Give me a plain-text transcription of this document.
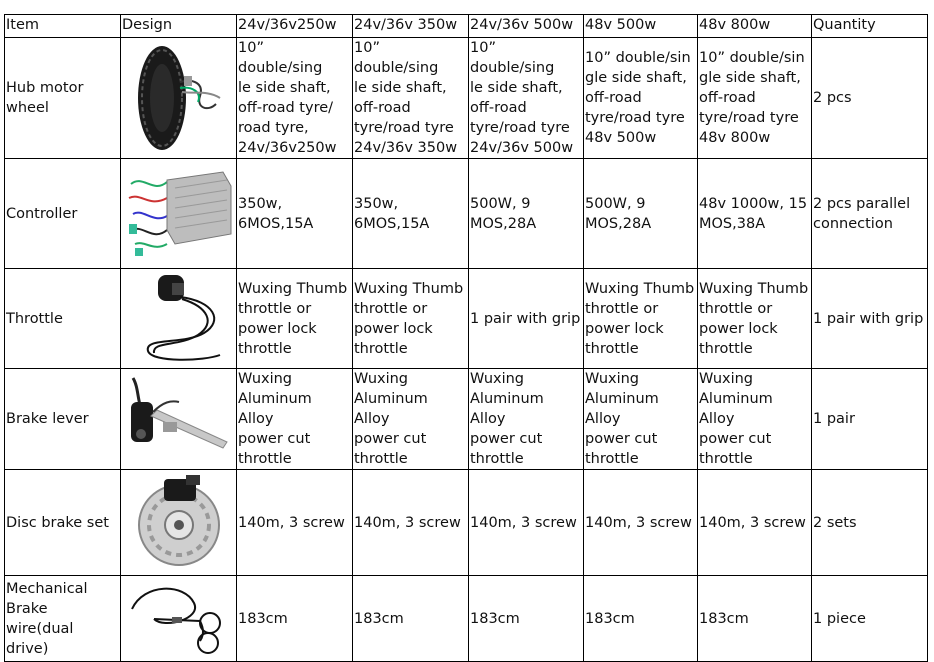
Item	Design	24v/36v250w	24v/36v 350w	24v/36v 500w	48v 500w	48v 800w	Quantity
Hub motor wheel		10” double/sing
le side shaft,
off-road tyre/
road tyre,
24v/36v250w	10” double/sing
le side shaft,
off-road
tyre/road tyre
24v/36v 350w	10” double/sing
le side shaft,
off-road
tyre/road tyre
24v/36v 500w	10” double/sin
gle side shaft,
off-road
tyre/road tyre
48v 500w	10” double/sin
gle side shaft,
off-road
tyre/road tyre
48v 800w	2 pcs
Controller		350w,
6MOS,15A	350w,
6MOS,15A	500W, 9
MOS,28A	500W, 9
MOS,28A	48v 1000w, 15
MOS,38A	2 pcs parallel
connection
Throttle		Wuxing Thumb
throttle or
power lock
throttle	Wuxing Thumb
throttle or
power lock
throttle	1 pair with grip	Wuxing Thumb
throttle or
power lock
throttle	Wuxing Thumb
throttle or
power lock
throttle	1 pair with grip
Brake lever		Wuxing
Aluminum Alloy
power cut
throttle	Wuxing
Aluminum Alloy
power cut
throttle	Wuxing
Aluminum Alloy
power cut
throttle	Wuxing
Aluminum Alloy
power cut
throttle	Wuxing
Aluminum Alloy
power cut
throttle	1 pair
Disc brake set		140m, 3 screw	140m, 3 screw	140m, 3 screw	140m, 3 screw	140m, 3 screw	2 sets
Mechanical
Brake wire(dual
drive)		183cm	183cm	183cm	183cm	183cm	1 piece
